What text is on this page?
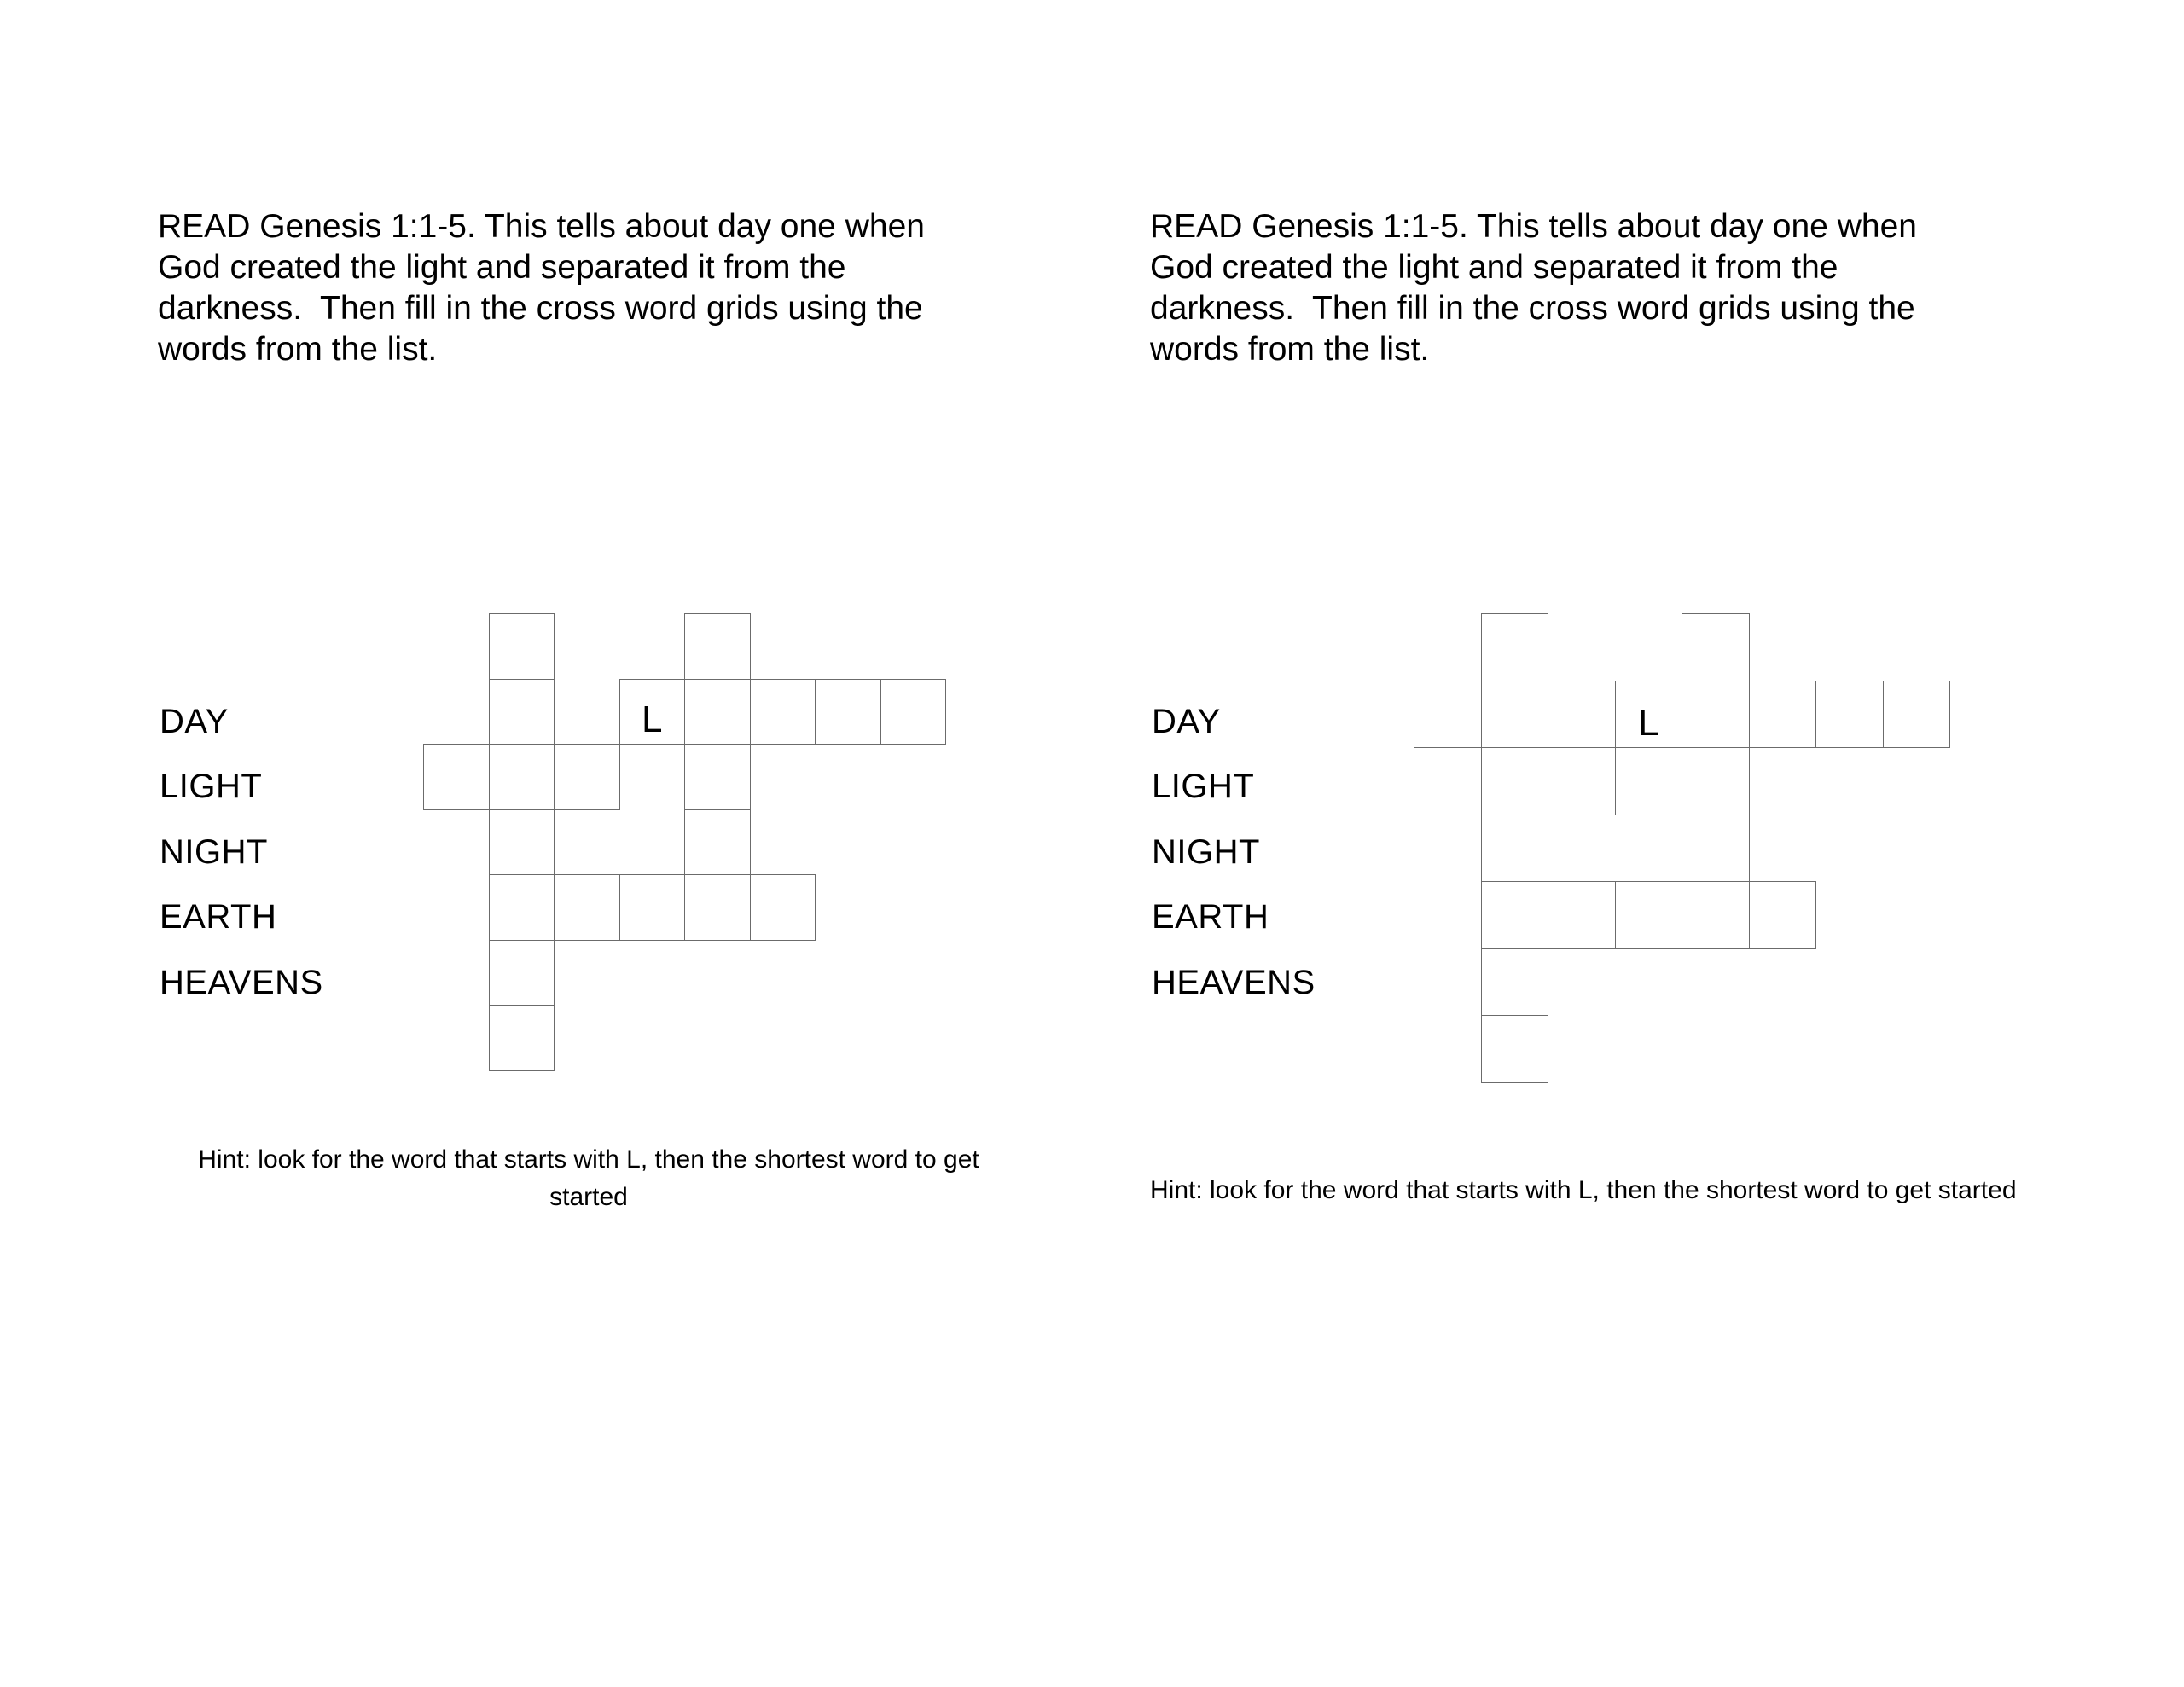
READ Genesis 1:1-5. This tells about day one when
God created the light and separated it from the
darkness.  Then fill in the cross word grids using the
words from the list.
DAY
LIGHT
NIGHT
EARTH
HEAVENS
L
Hint: look for the word that starts with L, then the shortest word to get
started
READ Genesis 1:1-5. This tells about day one when
God created the light and separated it from the
darkness.  Then fill in the cross word grids using the
words from the list.
DAY
LIGHT
NIGHT
EARTH
HEAVENS
L
Hint: look for the word that starts with L, then the shortest word to get started
